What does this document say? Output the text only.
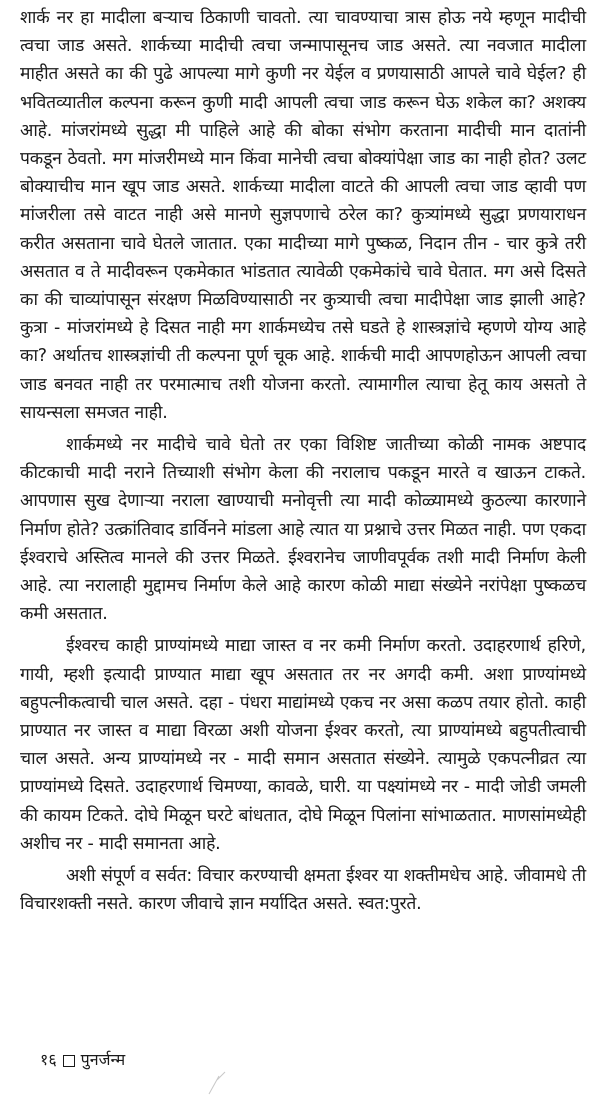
शार्क नर हा मादीला बऱ्याच ठिकाणी चावतो. त्या चावण्याचा त्रास होऊ नये म्हणून मादीची त्वचा जाड असते. शार्कच्या मादीची त्वचा जन्मापासूनच जाड असते. त्या नवजात मादीला माहीत असते का की पुढे आपल्या मागे कुणी नर येईल व प्रणयासाठी आपले चावे घेईल? ही भवितव्यातील कल्पना करून कुणी मादी आपली त्वचा जाड करून घेऊ शकेल का? अशक्य आहे. मांजरांमध्ये सुद्धा मी पाहिले आहे की बोका संभोग करताना मादीची मान दातांनी पकडून ठेवतो. मग मांजरीमध्ये मान किंवा मानेची त्वचा बोक्यांपेक्षा जाड का नाही होत? उलट बोक्याचीच मान खूप जाड असते. शार्कच्या मादीला वाटते की आपली त्वचा जाड व्हावी पण मांजरीला तसे वाटत नाही असे मानणे सुज्ञपणाचे ठरेल का? कुत्र्यांमध्ये सुद्धा प्रणयाराधन करीत असताना चावे घेतले जातात. एका मादीच्या मागे पुष्कळ, निदान तीन - चार कुत्रे तरी असतात व ते मादीवरून एकमेकात भांडतात त्यावेळी एकमेकांचे चावे घेतात. मग असे दिसते का की चाव्यांपासून संरक्षण मिळविण्यासाठी नर कुत्र्याची त्वचा मादीपेक्षा जाड झाली आहे? कुत्रा - मांजरांमध्ये हे दिसत नाही मग शार्कमध्येच तसे घडते हे शास्त्रज्ञांचे म्हणणे योग्य आहे का? अर्थातच शास्त्रज्ञांची ती कल्पना पूर्ण चूक आहे. शार्कची मादी आपणहोऊन आपली त्वचा जाड बनवत नाही तर परमात्माच तशी योजना करतो. त्यामागील त्याचा हेतू काय असतो ते सायन्सला समजत नाही.

शार्कमध्ये नर मादीचे चावे घेतो तर एका विशिष्ट जातीच्या कोळी नामक अष्टपाद कीटकाची मादी नराने तिच्याशी संभोग केला की नरालाच पकडून मारते व खाऊन टाकते. आपणास सुख देणाऱ्या नराला खाण्याची मनोवृत्ती त्या मादी कोळ्यामध्ये कुठल्या कारणाने निर्माण होते? उत्क्रांतिवाद डार्विनने मांडला आहे त्यात या प्रश्नाचे उत्तर मिळत नाही. पण एकदा ईश्वराचे अस्तित्व मानले की उत्तर मिळते. ईश्वरानेच जाणीवपूर्वक तशी मादी निर्माण केली आहे. त्या नरालाही मुद्दामच निर्माण केले आहे कारण कोळी माद्या संख्येने नरांपेक्षा पुष्कळच कमी असतात.

ईश्वरच काही प्राण्यांमध्ये माद्या जास्त व नर कमी निर्माण करतो. उदाहरणार्थ हरिणे, गायी, म्हशी इत्यादी प्राण्यात माद्या खूप असतात तर नर अगदी कमी. अशा प्राण्यांमध्ये बहुपत्नीकत्वाची चाल असते. दहा - पंधरा माद्यांमध्ये एकच नर असा कळप तयार होतो. काही प्राण्यात नर जास्त व माद्या विरळा अशी योजना ईश्वर करतो, त्या प्राण्यांमध्ये बहुपतीत्वाची चाल असते. अन्य प्राण्यांमध्ये नर - मादी समान असतात संख्येने. त्यामुळे एकपत्नीव्रत त्या प्राण्यांमध्ये दिसते. उदाहरणार्थ चिमण्या, कावळे, घारी. या पक्ष्यांमध्ये नर - मादी जोडी जमली की कायम टिकते. दोघे मिळून घरटे बांधतात, दोघे मिळून पिलांना सांभाळतात. माणसांमध्येही अशीच नर - मादी समानता आहे.

अशी संपूर्ण व सर्वत: विचार करण्याची क्षमता ईश्वर या शक्तीमधेच आहे. जीवामधे ती विचारशक्ती नसते. कारण जीवाचे ज्ञान मर्यादित असते. स्वत:पुरते.

१६ पुनर्जन्म
